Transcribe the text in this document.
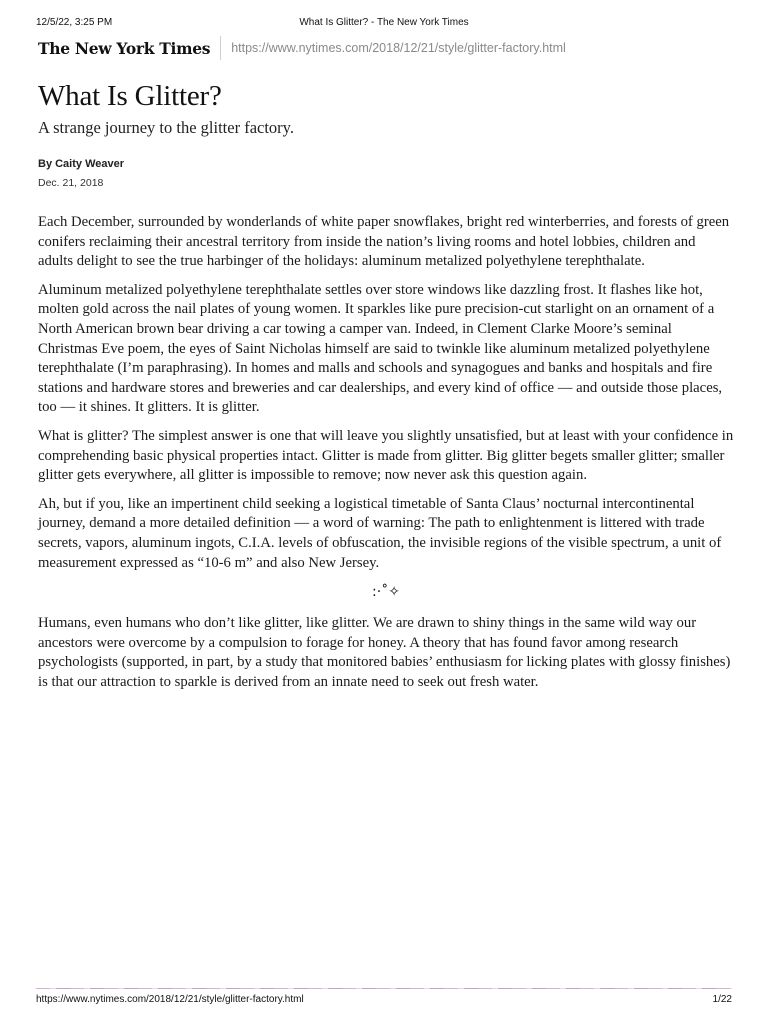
12/5/22, 3:25 PM	What Is Glitter? - The New York Times
The New York Times https://www.nytimes.com/2018/12/21/style/glitter-factory.html
What Is Glitter?

A strange journey to the glitter factory.

By Caity Weaver
Dec. 21, 2018

Each December, surrounded by wonderlands of white paper snowflakes, bright red winterberries, and forests of green conifers reclaiming their ancestral territory from inside the nation’s living rooms and hotel lobbies, children and adults delight to see the true harbinger of the holidays: aluminum metalized polyethylene terephthalate.

Aluminum metalized polyethylene terephthalate settles over store windows like dazzling frost. It flashes like hot, molten gold across the nail plates of young women. It sparkles like pure precision-cut starlight on an ornament of a North American brown bear driving a car towing a camper van. Indeed, in Clement Clarke Moore’s seminal Christmas Eve poem, the eyes of Saint Nicholas himself are said to twinkle like aluminum metalized polyethylene terephthalate (I’m paraphrasing). In homes and malls and schools and synagogues and banks and hospitals and fire stations and hardware stores and breweries and car dealerships, and every kind of office — and outside those places, too — it shines. It glitters. It is glitter.

What is glitter? The simplest answer is one that will leave you slightly unsatisfied, but at least with your confidence in comprehending basic physical properties intact. Glitter is made from glitter. Big glitter begets smaller glitter; smaller glitter gets everywhere, all glitter is impossible to remove; now never ask this question again.

Ah, but if you, like an impertinent child seeking a logistical timetable of Santa Claus’ nocturnal intercontinental journey, demand a more detailed definition — a word of warning: The path to enlightenment is littered with trade secrets, vapors, aluminum ingots, C.I.A. levels of obfuscation, the invisible regions of the visible spectrum, a unit of measurement expressed as “10-6 m” and also New Jersey.

:·˚✧

Humans, even humans who don’t like glitter, like glitter. We are drawn to shiny things in the same wild way our ancestors were overcome by a compulsion to forage for honey. A theory that has found favor among research psychologists (supported, in part, by a study that monitored babies’ enthusiasm for licking plates with glossy finishes) is that our attraction to sparkle is derived from an innate need to seek out fresh water.

https://www.nytimes.com/2018/12/21/style/glitter-factory.html	1/22
